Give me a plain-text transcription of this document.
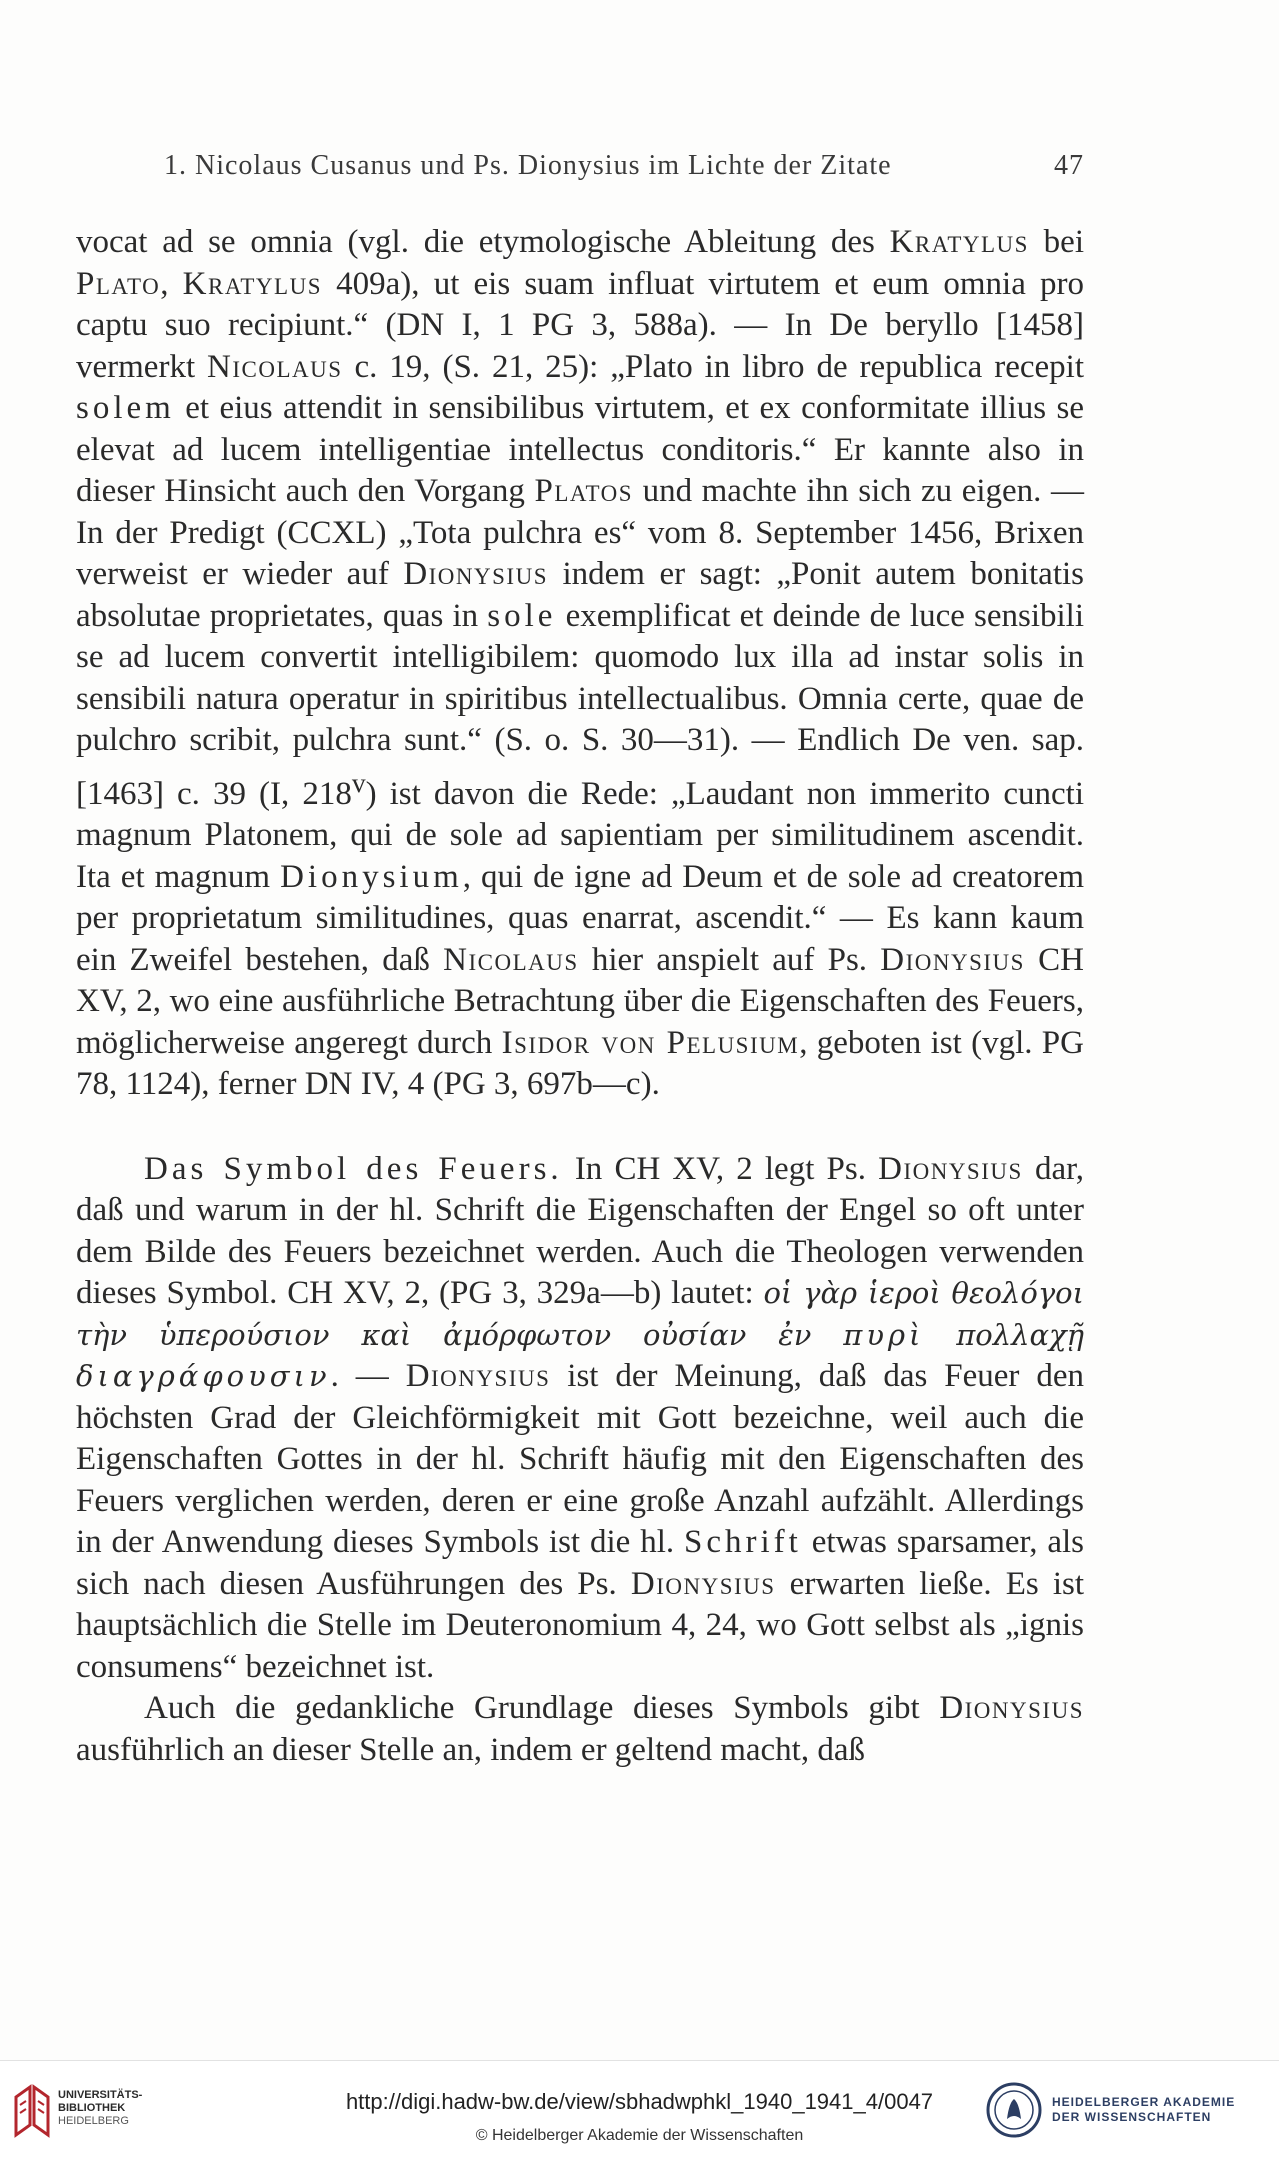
1. Nicolaus Cusanus und Ps. Dionysius im Lichte der Zitate	47

vocat ad se omnia (vgl. die etymologische Ableitung des Kratylus bei Plato, Kratylus 409a), ut eis suam influat virtutem et eum omnia pro captu suo recipiunt.“ (DN I, 1 PG 3, 588a). — In De beryllo [1458] vermerkt Nicolaus c. 19, (S. 21, 25): „Plato in libro de republica recepit solem et eius attendit in sensibilibus virtutem, et ex conformitate illius se elevat ad lucem intelligentiae intellectus conditoris.“ Er kannte also in dieser Hinsicht auch den Vorgang Platos und machte ihn sich zu eigen. — In der Predigt (CCXL) „Tota pulchra es“ vom 8. September 1456, Brixen verweist er wieder auf Dionysius indem er sagt: „Ponit autem bonitatis absolutae proprietates, quas in sole exemplificat et deinde de luce sensibili se ad lucem convertit intelligibilem: quomodo lux illa ad instar solis in sensibili natura operatur in spiritibus intellectualibus. Omnia certe, quae de pulchro scribit, pulchra sunt.“ (S. o. S. 30—31). — Endlich De ven. sap. [1463] c. 39 (I, 218$^v$) ist davon die Rede: „Laudant non immerito cuncti magnum Platonem, qui de sole ad sapientiam per similitudinem ascendit. Ita et magnum Dionysium, qui de igne ad Deum et de sole ad creatorem per proprietatum similitudines, quas enarrat, ascendit.“ — Es kann kaum ein Zweifel bestehen, daß Nicolaus hier anspielt auf Ps. Dionysius CH XV, 2, wo eine ausführliche Betrachtung über die Eigenschaften des Feuers, möglicherweise angeregt durch Isidor von Pelusium, geboten ist (vgl. PG 78, 1124), ferner DN IV, 4 (PG 3, 697b—c).

Das Symbol des Feuers. In CH XV, 2 legt Ps. Dionysius dar, daß und warum in der hl. Schrift die Eigenschaften der Engel so oft unter dem Bilde des Feuers bezeichnet werden. Auch die Theologen verwenden dieses Symbol. CH XV, 2, (PG 3, 329a—b) lautet: οἱ γὰρ ἱεροὶ θεολόγοι τὴν ὑπερούσιον καὶ ἀμόρφωτον οὐσίαν ἐν πυρὶ πολλαχῇ διαγράφουσιν. — Dionysius ist der Meinung, daß das Feuer den höchsten Grad der Gleichförmigkeit mit Gott bezeichne, weil auch die Eigenschaften Gottes in der hl. Schrift häufig mit den Eigenschaften des Feuers verglichen werden, deren er eine große Anzahl aufzählt. Allerdings in der Anwendung dieses Symbols ist die hl. Schrift etwas sparsamer, als sich nach diesen Ausführungen des Ps. Dionysius erwarten ließe. Es ist hauptsächlich die Stelle im Deuteronomium 4, 24, wo Gott selbst als „ignis consumens“ bezeichnet ist.

Auch die gedankliche Grundlage dieses Symbols gibt Dionysius ausführlich an dieser Stelle an, indem er geltend macht, daß

UNIVERSITÄTS-
BIBLIOTHEK
HEIDELBERG
http://digi.hadw-bw.de/view/sbhadwphkl_1940_1941_4/0047
© Heidelberger Akademie der Wissenschaften
HEIDELBERGER AKADEMIE
DER WISSENSCHAFTEN
